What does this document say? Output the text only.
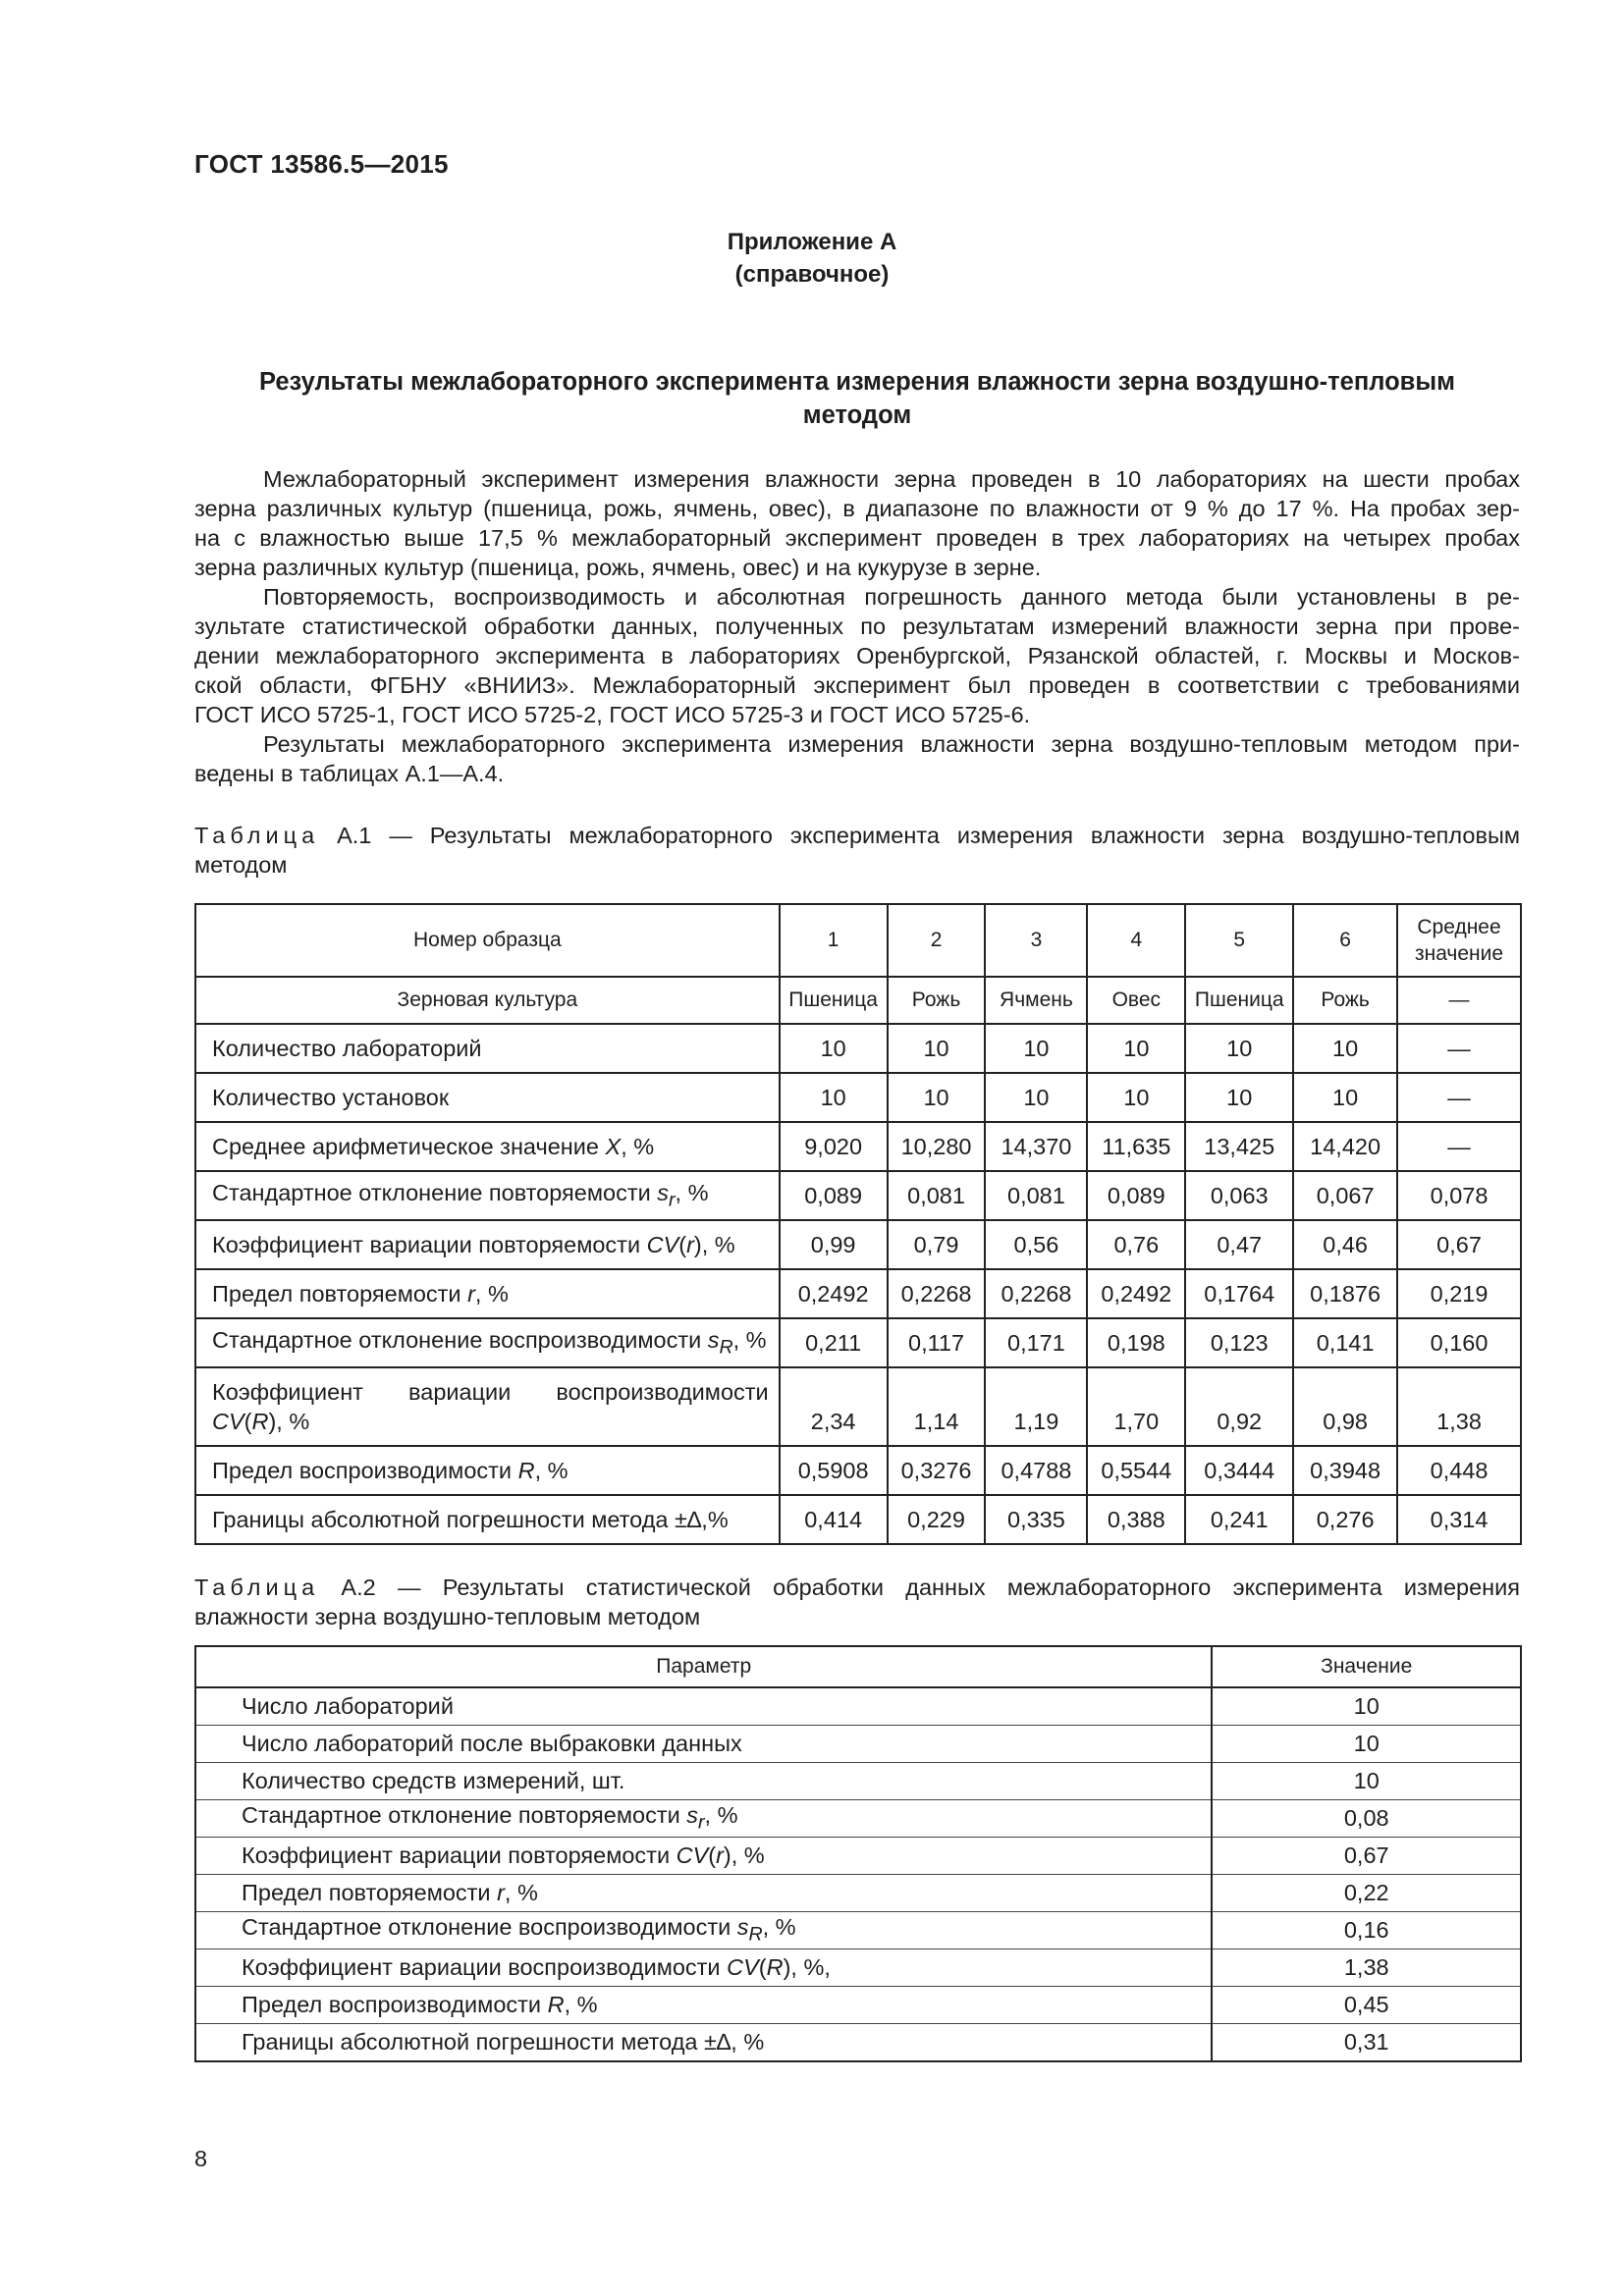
ГОСТ 13586.5—2015
Приложение А
(справочное)
Результаты межлабораторного эксперимента измерения влажности зерна воздушно-тепловым
методом
Межлабораторный эксперимент измерения влажности зерна проведен в 10 лабораториях на шести пробах
зерна различных культур (пшеница, рожь, ячмень, овес), в диапазоне по влажности от 9 % до 17 %. На пробах зер-
на с влажностью выше 17,5 % межлабораторный эксперимент проведен в трех лабораториях на четырех пробах
зерна различных культур (пшеница, рожь, ячмень, овес) и на кукурузе в зерне.
Повторяемость, воспроизводимость и абсолютная погрешность данного метода были установлены в ре-
зультате статистической обработки данных, полученных по результатам измерений влажности зерна при прове-
дении межлабораторного эксперимента в лабораториях Оренбургской, Рязанской областей, г. Москвы и Москов-
ской области, ФГБНУ «ВНИИЗ». Межлабораторный эксперимент был проведен в соответствии с требованиями
ГОСТ ИСО 5725-1, ГОСТ ИСО 5725-2, ГОСТ ИСО 5725-3 и ГОСТ ИСО 5725-6.
Результаты межлабораторного эксперимента измерения влажности зерна воздушно-тепловым методом при-
ведены в таблицах А.1—А.4.
Таблица А.1 — Результаты межлабораторного эксперимента измерения влажности зерна воздушно-тепловым
методом
Номер образца	1	2	3	4	5	6	Среднее
значение

Зерновая культура	Пшеница	Рожь	Ячмень	Овес	Пшеница	Рожь	—
Количество лабораторий	10	10	10	10	10	10	—
Количество установок	10	10	10	10	10	10	—
Среднее арифметическое значение X, %	9,020	10,280	14,370	11,635	13,425	14,420	—
Стандартное отклонение повторяемости $s_r$, %	0,089	0,081	0,081	0,089	0,063	0,067	0,078
Коэффициент вариации повторяемости CV(r), %	0,99	0,79	0,56	0,76	0,47	0,46	0,67
Предел повторяемости r, %	0,2492	0,2268	0,2268	0,2492	0,1764	0,1876	0,219
Стандартное отклонение воспроизводимости $s_R$, %	0,211	0,117	0,171	0,198	0,123	0,141	0,160

Коэффициент вариации воспроизводимости
CV(R), %	2,34	1,14	1,19	1,70	0,92	0,98	1,38
Предел воспроизводимости R, %	0,5908	0,3276	0,4788	0,5544	0,3444	0,3948	0,448
Границы абсолютной погрешности метода ±∆,%	0,414	0,229	0,335	0,388	0,241	0,276	0,314
Таблица А.2 — Результаты статистической обработки данных межлабораторного эксперимента измерения
влажности зерна воздушно-тепловым методом
Параметр	Значение
Число лабораторий	10
Число лабораторий после выбраковки данных	10
Количество средств измерений, шт.	10
Стандартное отклонение повторяемости $s_r$, %	0,08
Коэффициент вариации повторяемости CV(r), %	0,67
Предел повторяемости r, %	0,22
Стандартное отклонение воспроизводимости $s_R$, %	0,16
Коэффициент вариации воспроизводимости CV(R), %,	1,38
Предел воспроизводимости R, %	0,45
Границы абсолютной погрешности метода ±∆, %	0,31
8
